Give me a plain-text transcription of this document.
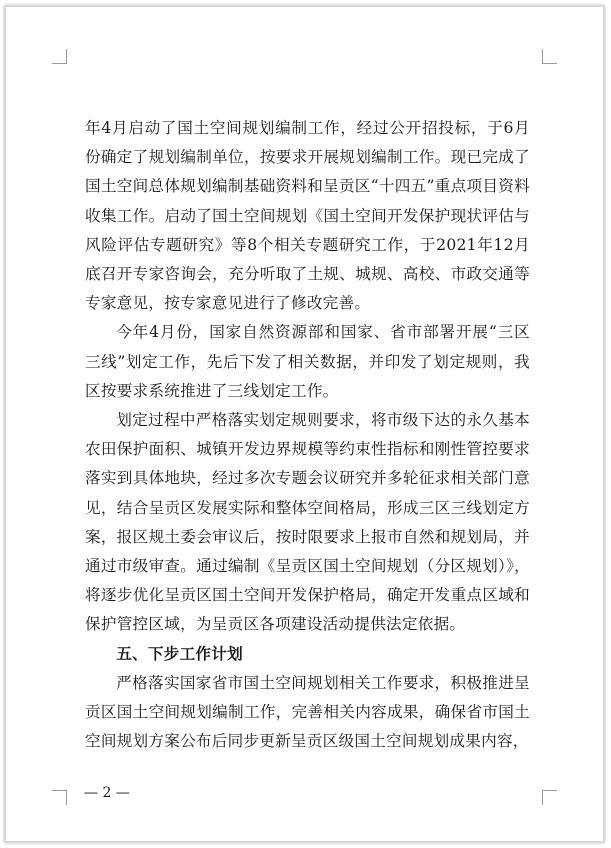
年4月启动了国土空间规划编制工作，经过公开招投标，于6月份确定了规划编制单位，按要求开展规划编制工作。现已完成了国土空间总体规划编制基础资料和呈贡区“十四五”重点项目资料收集工作。启动了国土空间规划《国土空间开发保护现状评估与风险评估专题研究》等8个相关专题研究工作，于2021年12月底召开专家咨询会，充分听取了土规、城规、高校、市政交通等专家意见，按专家意见进行了修改完善。

今年4月份，国家自然资源部和国家、省市部署开展“三区三线”划定工作，先后下发了相关数据，并印发了划定规则，我区按要求系统推进了三线划定工作。

划定过程中严格落实划定规则要求，将市级下达的永久基本农田保护面积、城镇开发边界规模等约束性指标和刚性管控要求落实到具体地块，经过多次专题会议研究并多轮征求相关部门意见，结合呈贡区发展实际和整体空间格局，形成三区三线划定方案，报区规土委会审议后，按时限要求上报市自然和规划局，并通过市级审查。通过编制《呈贡区国土空间规划（分区规划）》，将逐步优化呈贡区国土空间开发保护格局，确定开发重点区域和保护管控区域，为呈贡区各项建设活动提供法定依据。

五、下步工作计划

严格落实国家省市国土空间规划相关工作要求，积极推进呈贡区国土空间规划编制工作，完善相关内容成果，确保省市国土空间规划方案公布后同步更新呈贡区级国土空间规划成果内容，

— 2 —
